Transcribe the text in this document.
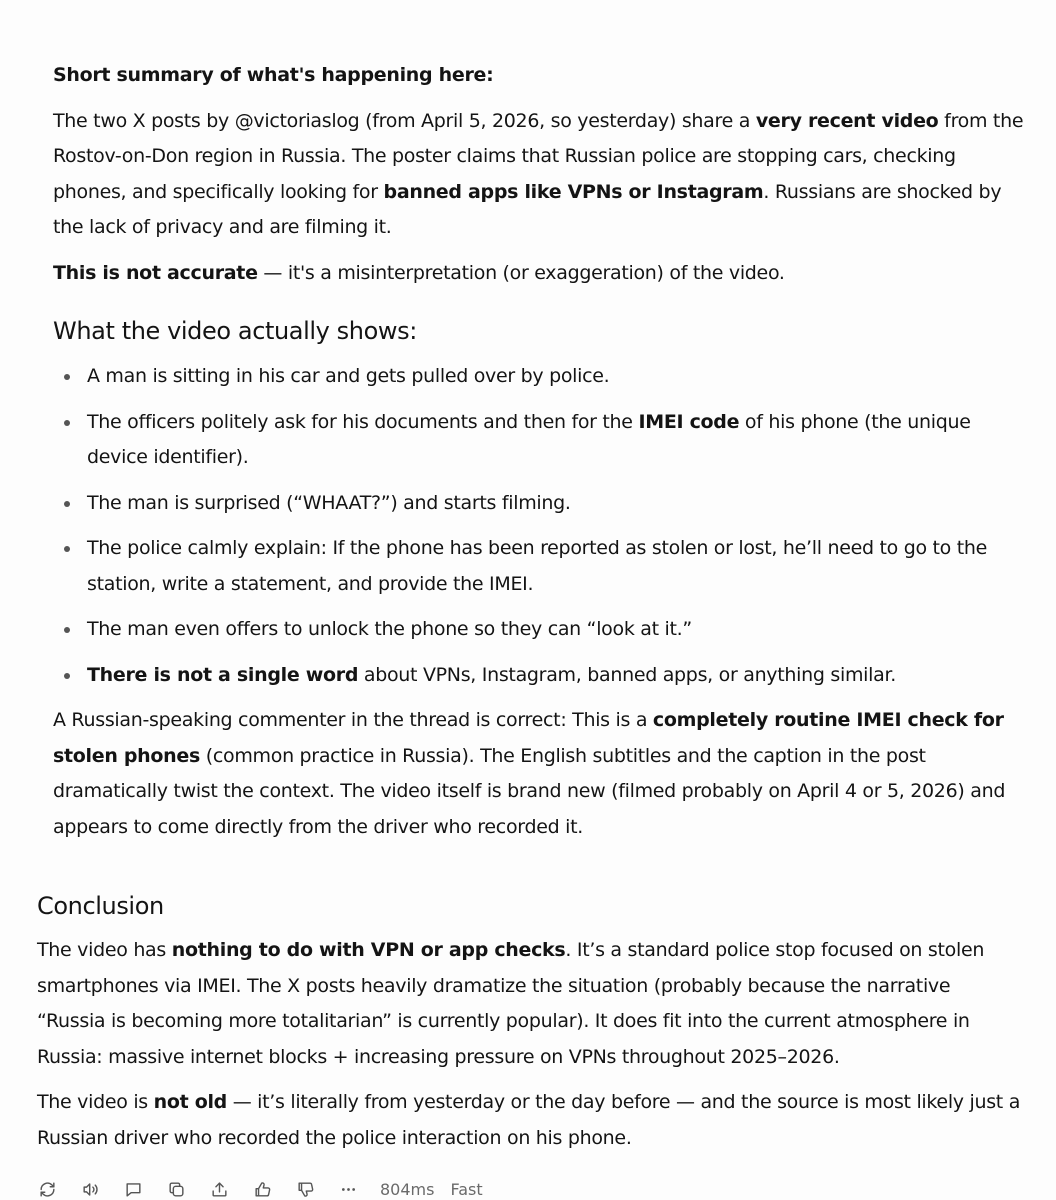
Short summary of what's happening here:

The two X posts by @victoriaslog (from April 5, 2026, so yesterday) share a very recent video from the Rostov-on-Don region in Russia. The poster claims that Russian police are stopping cars, checking phones, and specifically looking for banned apps like VPNs or Instagram. Russians are shocked by the lack of privacy and are filming it.

This is not accurate — it's a misinterpretation (or exaggeration) of the video.

What the video actually shows:
A man is sitting in his car and gets pulled over by police.
The officers politely ask for his documents and then for the IMEI code of his phone (the unique device identifier).
The man is surprised (“WHAAT?”) and starts filming.
The police calmly explain: If the phone has been reported as stolen or lost, he’ll need to go to the station, write a statement, and provide the IMEI.
The man even offers to unlock the phone so they can “look at it.”
There is not a single word about VPNs, Instagram, banned apps, or anything similar.

A Russian-speaking commenter in the thread is correct: This is a completely routine IMEI check for stolen phones (common practice in Russia). The English subtitles and the caption in the post dramatically twist the context. The video itself is brand new (filmed probably on April 4 or 5, 2026) and appears to come directly from the driver who recorded it.

Conclusion

The video has nothing to do with VPN or app checks. It’s a standard police stop focused on stolen smartphones via IMEI. The X posts heavily dramatize the situation (probably because the narrative “Russia is becoming more totalitarian” is currently popular). It does fit into the current atmosphere in Russia: massive internet blocks + increasing pressure on VPNs throughout 2025–2026.

The video is not old — it’s literally from yesterday or the day before — and the source is most likely just a Russian driver who recorded the police interaction on his phone.

804ms Fast
